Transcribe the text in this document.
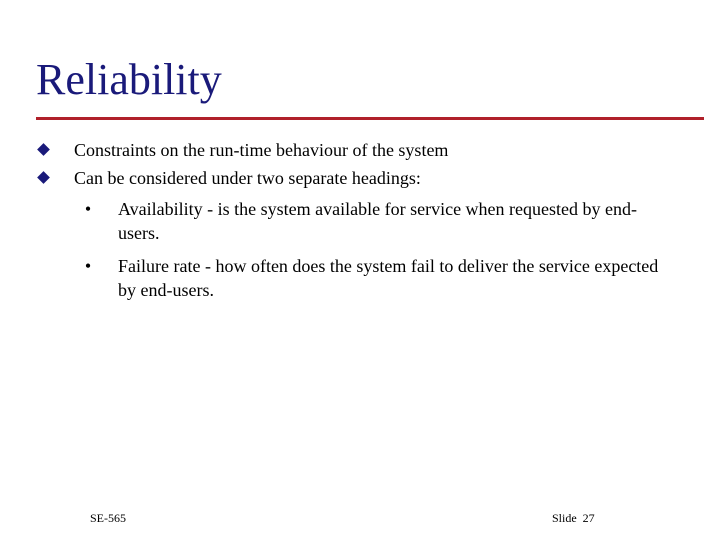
Reliability
Constraints on the run-time behaviour of the system
Can be considered under two separate headings:
• Availability - is the system available for service when requested by end-users.
• Failure rate - how often does the system fail to deliver the service expected by end-users.
SE-565	Slide  27
